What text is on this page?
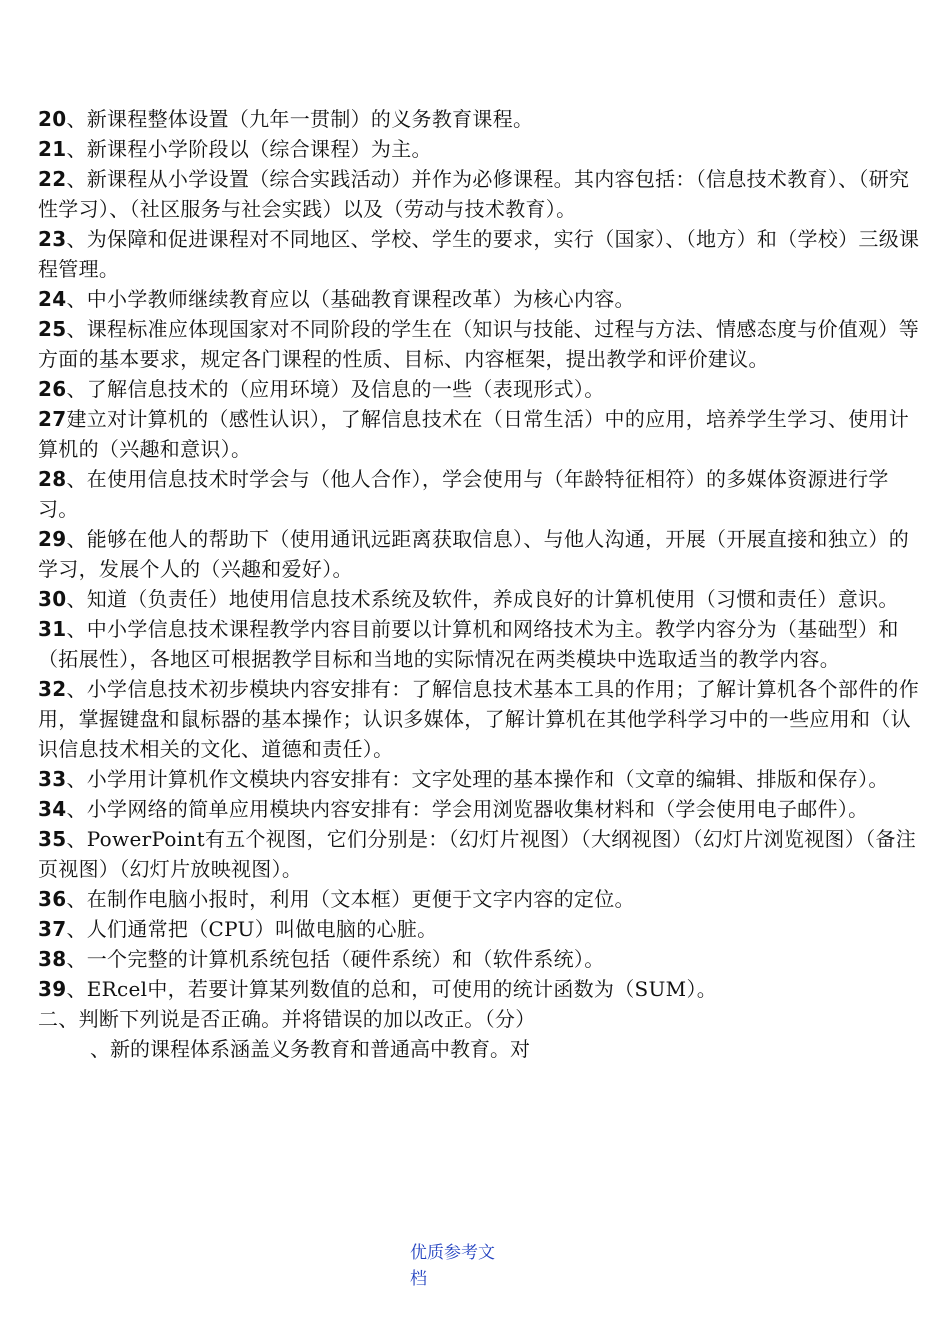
20、新课程整体设置（九年一贯制）的义务教育课程。

21、新课程小学阶段以（综合课程）为主。

22、新课程从小学设置（综合实践活动）并作为必修课程。其内容包括：（信息技术教育）、（研究性学习）、（社区服务与社会实践）以及（劳动与技术教育）。

23、为保障和促进课程对不同地区、学校、学生的要求，实行（国家）、（地方）和（学校）三级课程管理。

24、中小学教师继续教育应以（基础教育课程改革）为核心内容。

25、课程标准应体现国家对不同阶段的学生在（知识与技能、过程与方法、情感态度与价值观）等方面的基本要求，规定各门课程的性质、目标、内容框架，提出教学和评价建议。

26、了解信息技术的（应用环境）及信息的一些（表现形式）。

27建立对计算机的（感性认识），了解信息技术在（日常生活）中的应用，培养学生学习、使用计算机的（兴趣和意识）。

28、在使用信息技术时学会与（他人合作），学会使用与（年龄特征相符）的多媒体资源进行学习。

29、能够在他人的帮助下（使用通讯远距离获取信息）、与他人沟通，开展（开展直接和独立）的学习，发展个人的（兴趣和爱好）。

30、知道（负责任）地使用信息技术系统及软件，养成良好的计算机使用（习惯和责任）意识。

31、中小学信息技术课程教学内容目前要以计算机和网络技术为主。教学内容分为（基础型）和（拓展性），各地区可根据教学目标和当地的实际情况在两类模块中选取适当的教学内容。

32、小学信息技术初步模块内容安排有：了解信息技术基本工具的作用；了解计算机各个部件的作用，掌握键盘和鼠标器的基本操作；认识多媒体，了解计算机在其他学科学习中的一些应用和（认识信息技术相关的文化、道德和责任）。

33、小学用计算机作文模块内容安排有：文字处理的基本操作和（文章的编辑、排版和保存）。

34、小学网络的简单应用模块内容安排有：学会用浏览器收集材料和（学会使用电子邮件）。

35、PowerPoint有五个视图，它们分别是：（幻灯片视图）（大纲视图）（幻灯片浏览视图）（备注页视图）（幻灯片放映视图）。

36、在制作电脑小报时，利用（文本框）更便于文字内容的定位。

37、人们通常把（CPU）叫做电脑的心脏。

38、一个完整的计算机系统包括（硬件系统）和（软件系统）。

39、ERcel中，若要计算某列数值的总和，可使用的统计函数为（SUM）。

二、判断下列说是否正确。并将错误的加以改正。（分）

、新的课程体系涵盖义务教育和普通高中教育。对

优质参考文
档
